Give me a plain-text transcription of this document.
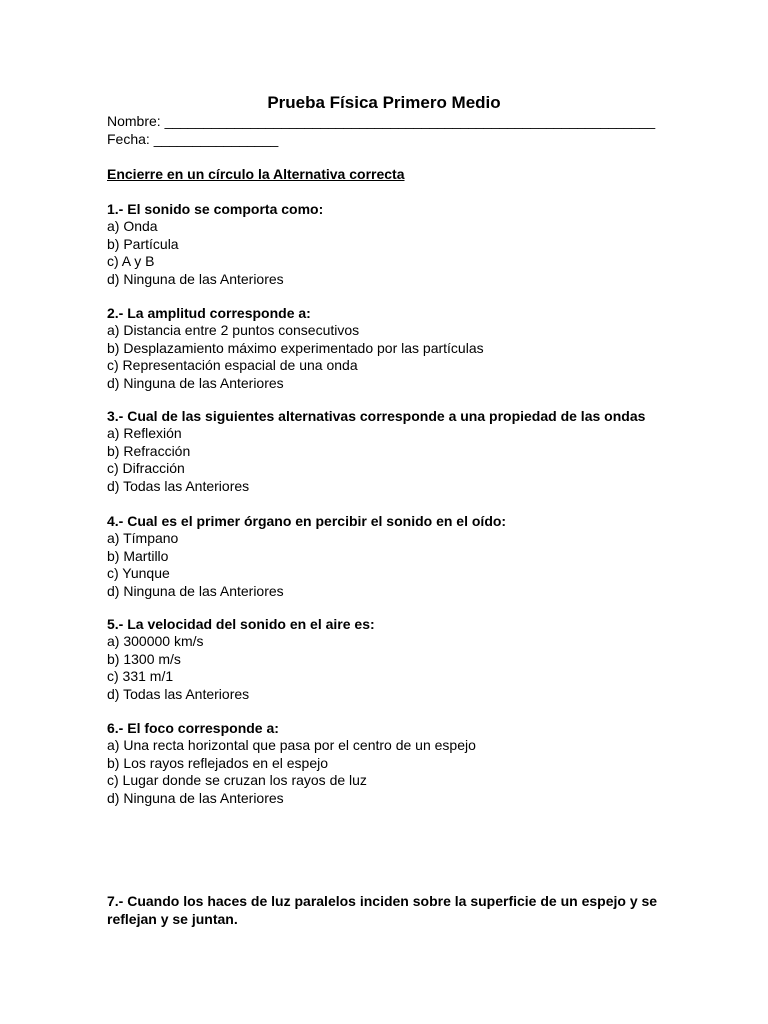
Prueba Física Primero Medio
Nombre: _______________________________________________________________
Fecha: ________________
Encierre en un círculo la Alternativa correcta
1.- El sonido se comporta como:
a) Onda
b) Partícula
c) A y B
d) Ninguna de las Anteriores
2.- La amplitud corresponde a:
a) Distancia entre 2 puntos consecutivos
b) Desplazamiento máximo experimentado por las partículas
c) Representación espacial de una onda
d) Ninguna de las Anteriores
3.- Cual de las siguientes alternativas corresponde a una propiedad de las ondas
a) Reflexión
b) Refracción
c) Difracción
d) Todas las Anteriores
4.- Cual es el primer órgano en percibir el sonido en el oído:
a) Tímpano
b) Martillo
c) Yunque
d) Ninguna de las Anteriores
5.- La velocidad del sonido en el aire es:
a) 300000 km/s
b) 1300 m/s
c) 331 m/1
d) Todas las Anteriores
6.- El foco corresponde a:
a) Una recta horizontal que pasa por el centro de un espejo
b) Los rayos reflejados en el espejo
c) Lugar donde se cruzan los rayos de luz
d) Ninguna de las Anteriores
7.- Cuando los haces de luz paralelos inciden sobre la superficie de un espejo y se reflejan y se juntan.
